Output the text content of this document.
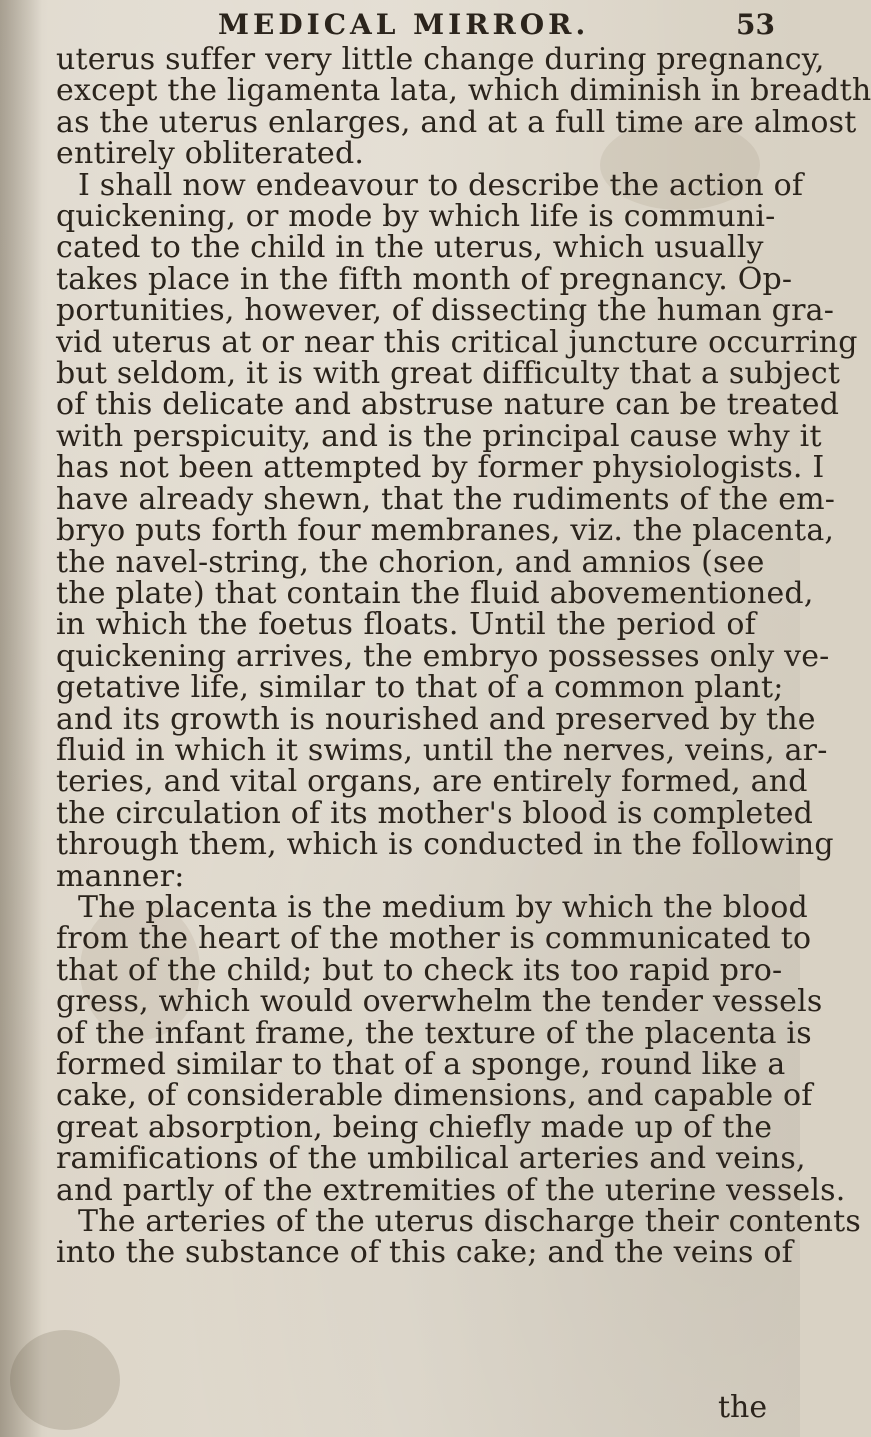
MEDICAL MIRROR.	53
uterus suffer very little change during pregnancy,
except the ligamenta lata, which diminish in breadth
as the uterus enlarges, and at a full time are almost
entirely obliterated.
I shall now endeavour to describe the action of
quickening, or mode by which life is communi-
cated to the child in the uterus, which usually
takes place in the fifth month of pregnancy. Op-
portunities, however, of dissecting the human gra-
vid uterus at or near this critical juncture occurring
but seldom, it is with great difficulty that a subject
of this delicate and abstruse nature can be treated
with perspicuity, and is the principal cause why it
has not been attempted by former physiologists. I
have already shewn, that the rudiments of the em-
bryo puts forth four membranes, viz. the placenta,
the navel-string, the chorion, and amnios (see
the plate) that contain the fluid abovementioned,
in which the foetus floats. Until the period of
quickening arrives, the embryo possesses only ve-
getative life, similar to that of a common plant;
and its growth is nourished and preserved by the
fluid in which it swims, until the nerves, veins, ar-
teries, and vital organs, are entirely formed, and
the circulation of its mother's blood is completed
through them, which is conducted in the following
manner:
The placenta is the medium by which the blood
from the heart of the mother is communicated to
that of the child; but to check its too rapid pro-
gress, which would overwhelm the tender vessels
of the infant frame, the texture of the placenta is
formed similar to that of a sponge, round like a
cake, of considerable dimensions, and capable of
great absorption, being chiefly made up of the
ramifications of the umbilical arteries and veins,
and partly of the extremities of the uterine vessels.
The arteries of the uterus discharge their contents
into the substance of this cake; and the veins of
the
